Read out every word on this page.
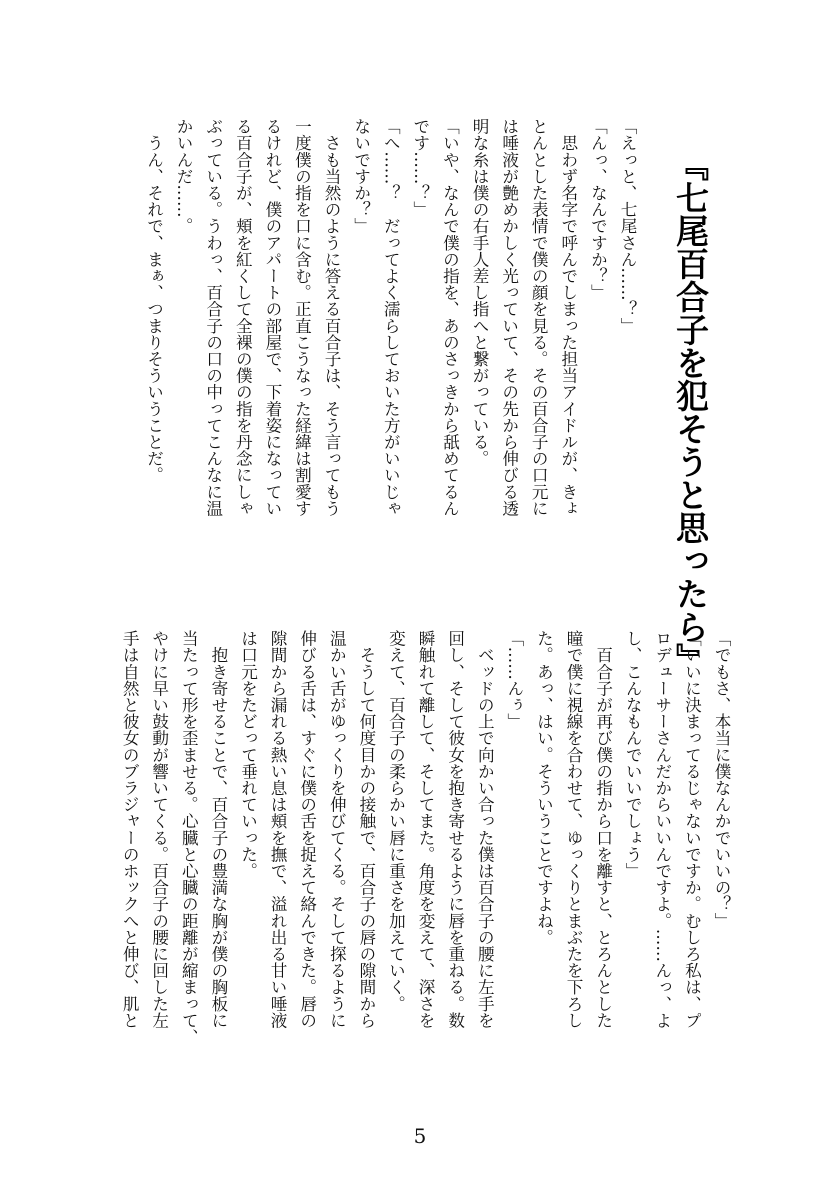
『七尾百合子を犯そうと思ったら』
「えっと、七尾さん……？」
「んっ、なんですか？」
　思わず名字で呼んでしまった担当アイドルが、きょ
とんとした表情で僕の顔を見る。その百合子の口元に
は唾液が艶めかしく光っていて、その先から伸びる透
明な糸は僕の右手人差し指へと繋がっている。
「いや、なんで僕の指を、あのさっきから舐めてるん
です……？」
「へ……？　だってよく濡らしておいた方がいいじゃ
ないですか？」
　さも当然のように答える百合子は、そう言ってもう
一度僕の指を口に含む。正直こうなった経緯は割愛す
るけれど、僕のアパートの部屋で、下着姿になってい
る百合子が、頬を紅くして全裸の僕の指を丹念にしゃ
ぶっている。うわっ、百合子の口の中ってこんなに温
かいんだ……。
　うん、それで、まぁ、つまりそういうことだ。
「でもさ、本当に僕なんかでいいの？」
「いいに決まってるじゃないですか。むしろ私は、プ
ロデューサーさんだからいいんですよ。……んっ、よ
し、こんなもんでいいでしょう」
　百合子が再び僕の指から口を離すと、とろんとした
瞳で僕に視線を合わせて、ゆっくりとまぶたを下ろし
た。あっ、はい。そういうことですよね。
「……んぅ」
　ベッドの上で向かい合った僕は百合子の腰に左手を
回し、そして彼女を抱き寄せるように唇を重ねる。数
瞬触れて離して、そしてまた。角度を変えて、深さを
変えて、百合子の柔らかい唇に重さを加えていく。
　そうして何度目かの接触で、百合子の唇の隙間から
温かい舌がゆっくりを伸びてくる。そして探るように
伸びる舌は、すぐに僕の舌を捉えて絡んできた。唇の
隙間から漏れる熱い息は頬を撫で、溢れ出る甘い唾液
は口元をたどって垂れていった。
　抱き寄せることで、百合子の豊満な胸が僕の胸板に
当たって形を歪ませる。心臓と心臓の距離が縮まって、
やけに早い鼓動が響いてくる。百合子の腰に回した左
手は自然と彼女のブラジャーのホックへと伸び、肌と
5
